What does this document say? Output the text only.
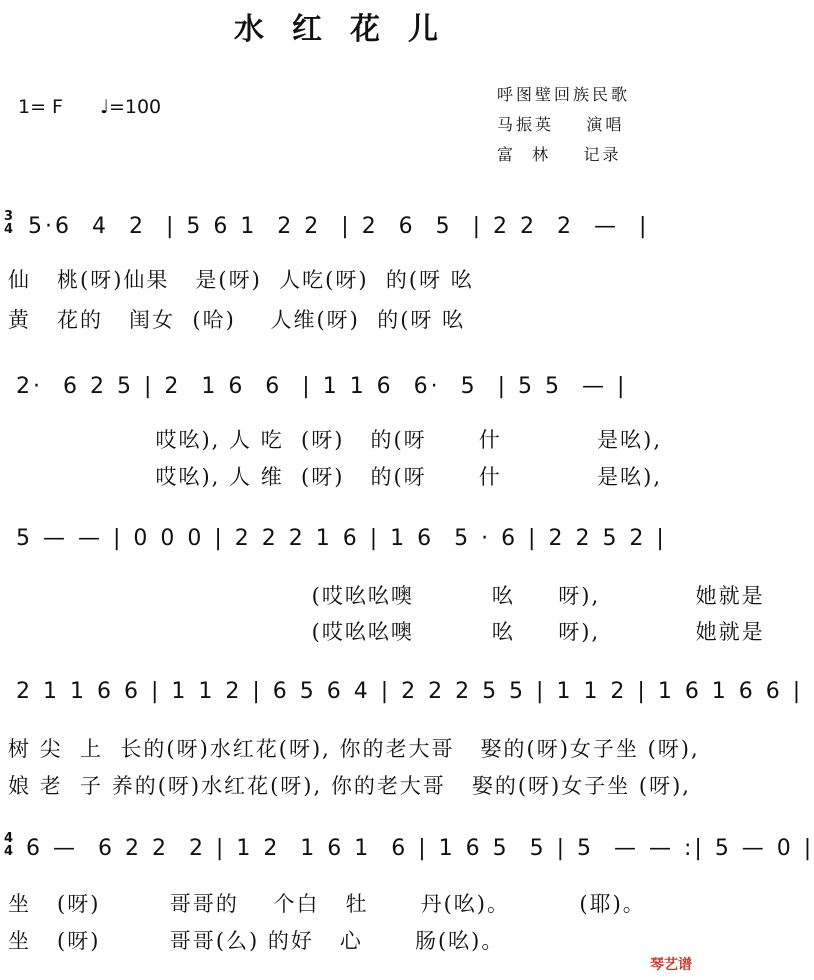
水红花儿
1= F ♩=100
呼图壁回族民歌
马振英    演唱
富  林    记录
3
4 5·6  4  2  | 5 6 1  2 2  | 2  6  5  | 2 2  2  —  |
仙   桃(呀)仙果   是(呀)  人吃(呀)  的(呀 吆
黄   花的   闺女  (哈)    人维(呀)  的(呀 吆
2·  6 2 5 | 2  1 6  6  | 1 1 6  6·  5  | 5 5  — |
哎吆), 人 吃  (呀)   的(呀      什           是吆),
哎吆), 人 维  (呀)   的(呀      什           是吆),
5 — — | 0 0 0 | 2 2 2 1 6 | 1 6  5 · 6 | 2 2 5 2 |
(哎吆吆噢         吆     呀),           她就是
(哎吆吆噢         吆     呀),           她就是
2 1 1 6 6 | 1 1 2 | 6 5 6 4 | 2 2 2 5 5 | 1 1 2 | 1 6 1 6 6 |
树 尖  上  长的(呀)水红花(呀), 你的老大哥   娶的(呀)女子坐 (呀),
娘 老  子 养的(呀)水红花(呀), 你的老大哥   娶的(呀)女子坐 (呀),
4
4 6 —  6 2 2  2 | 1 2  1 6 1  6 | 1 6 5  5 | 5  — — :| 5 — 0 |
坐   (呀)        哥哥的    个白   牡      丹(吆)。        (耶)。
坐   (呀)        哥哥(么) 的好   心      肠(吆)。
琴艺谱
